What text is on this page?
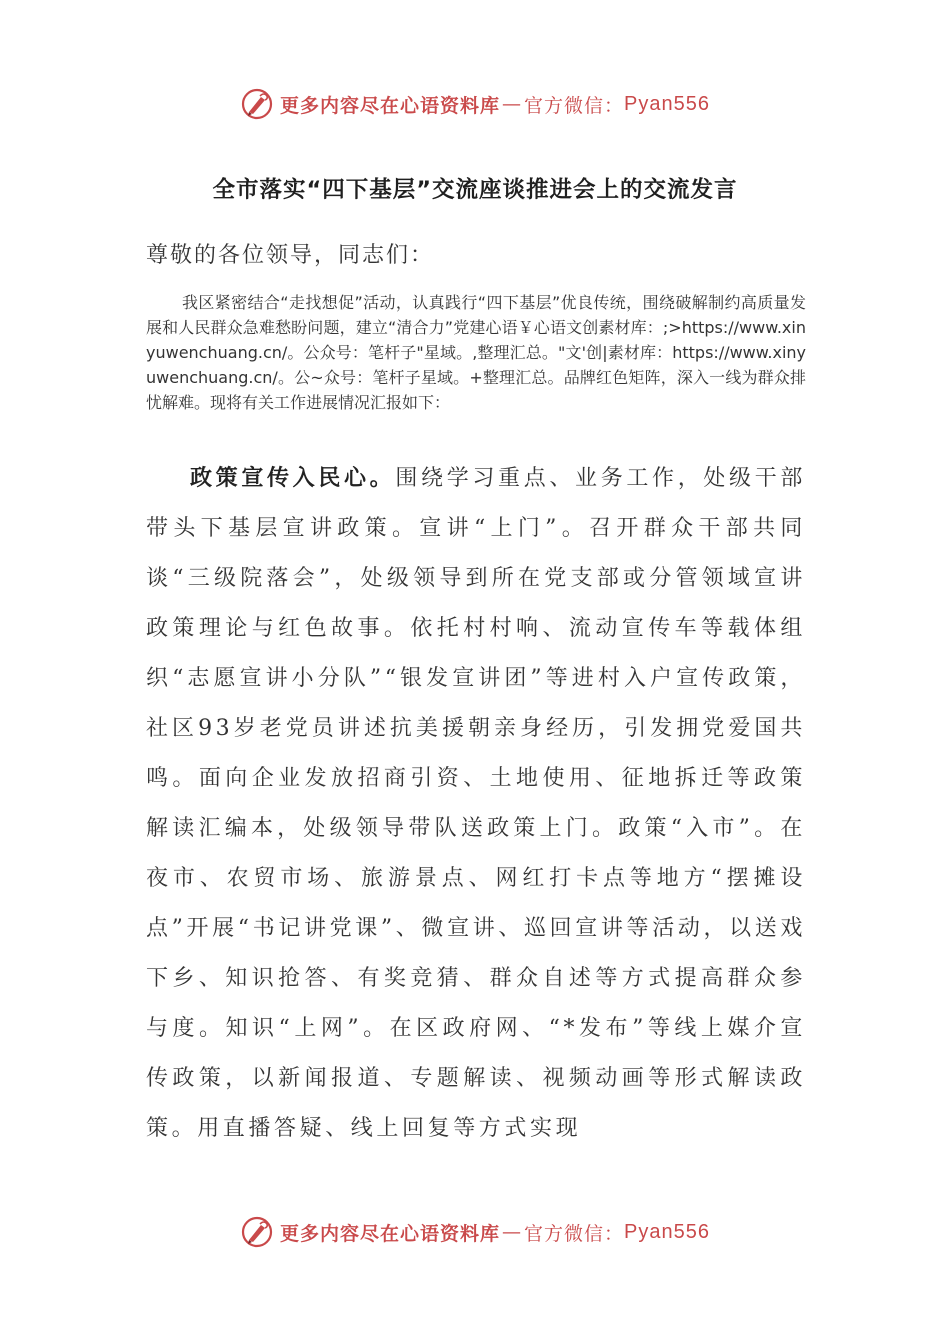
更多内容尽在心语资料库 — 官方微信： Pyan556
全市落实“四下基层”交流座谈推进会上的交流发言
尊敬的各位领导，同志们：
我区紧密结合“走找想促”活动，认真践行“四下基层”优良传统，围绕破解制约高质量发展和人民群众急难愁盼问题，建立“清合力”党建心语￥心语文创素材库：;>https://www.xinyuwenchuang.cn/。公众号：笔杆子"星域。,整理汇总。"文'创|素材库：https://www.xinyuwenchuang.cn/。公~众号：笔杆子星域。+整理汇总。品牌红色矩阵，深入一线为群众排忧解难。现将有关工作进展情况汇报如下：
政策宣传入民心。围绕学习重点、业务工作，处级干部带头下基层宣讲政策。宣讲“上门”。召开群众干部共同谈“三级院落会”，处级领导到所在党支部或分管领域宣讲政策理论与红色故事。依托村村响、流动宣传车等载体组织“志愿宣讲小分队”“银发宣讲团”等进村入户宣传政策，社区93岁老党员讲述抗美援朝亲身经历，引发拥党爱国共鸣。面向企业发放招商引资、土地使用、征地拆迁等政策解读汇编本，处级领导带队送政策上门。政策“入市”。在夜市、农贸市场、旅游景点、网红打卡点等地方“摆摊设点”开展“书记讲党课”、微宣讲、巡回宣讲等活动，以送戏下乡、知识抢答、有奖竞猜、群众自述等方式提高群众参与度。知识“上网”。在区政府网、“*发布”等线上媒介宣传政策，以新闻报道、专题解读、视频动画等形式解读政策。用直播答疑、线上回复等方式实现
更多内容尽在心语资料库 — 官方微信： Pyan556
